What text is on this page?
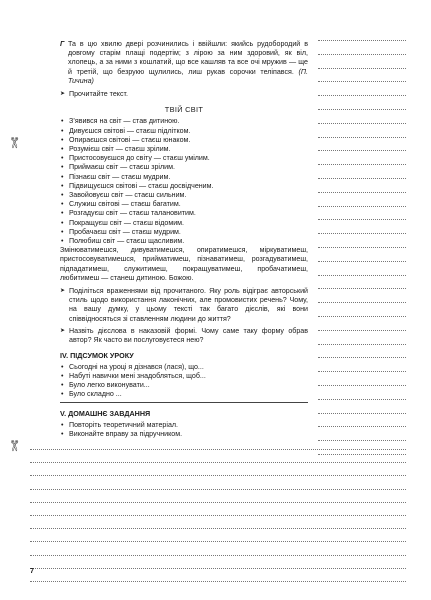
✄
✄
Г Та в цю хвилю двері розчинились і ввійшли: якийсь рудобородий в довгому старім плащі подертім; з лірою за ним здоровий, як віл, хлопець, а за ними з кошлатий, що все кашляв та все очі мружив — ще й третій, що безрукю щулились, лиш рукав сорочки теліпався. (П. Тичина)
➤ Прочитайте текст.
ТВІЙ СВІТ
• З’явився на світ — став дитиною.
• Дивуєшся світові — стаєш підлітком.
• Опираєшся світові — стаєш юнаком.
• Розумієш світ — стаєш зрілим.
• Пристосовуєшся до світу — стаєш умілим.
• Приймаєш світ — стаєш зрілим.
• Пізнаєш світ — стаєш мудрим.
• Підвищуєшся світові — стаєш досвідченим.
• Завойовуєш світ — стаєш сильним.
• Служиш світові — стаєш багатим.
• Розгадуєш світ — стаєш талановитим.
• Покращуєш світ — стаєш відомим.
• Пробачаєш світ — стаєш мудрим.
• Полюбиш світ — стаєш щасливим.

Змінюватимешся, дивуватимешся, опиратимешся, міркуватимеш, пристосовуватимешся, прийматимеш, пізнаватимеш, розгадуватимеш, підпадатимеш, служитимеш, покращуватимеш, пробачатимеш, любитимеш — станеш дитиною. Божою.

➤ Поділіться враженнями від прочитаного. Яку роль відіграє авторський стиль щодо використання лаконічних, але промовистих речень? Чому, на вашу думку, у цьому тексті так багато дієслів, які вони співвідносяться зі ставленням людини до життя?
➤ Назвіть дієслова в наказовій формі. Чому саме таку форму обрав автор? Як часто ви послуговуєтеся нею?
IV. ПІДСУМОК УРОКУ
• Сьогодні на уроці я дізнався (лася), що...
• Набуті навички мені знадобляться, щоб...
• Було легко виконувати...
• Було складно ...
V. ДОМАШНЄ ЗАВДАННЯ
• Повторіть теоретичний матеріал.
• Виконайте вправу за підручником.
7
